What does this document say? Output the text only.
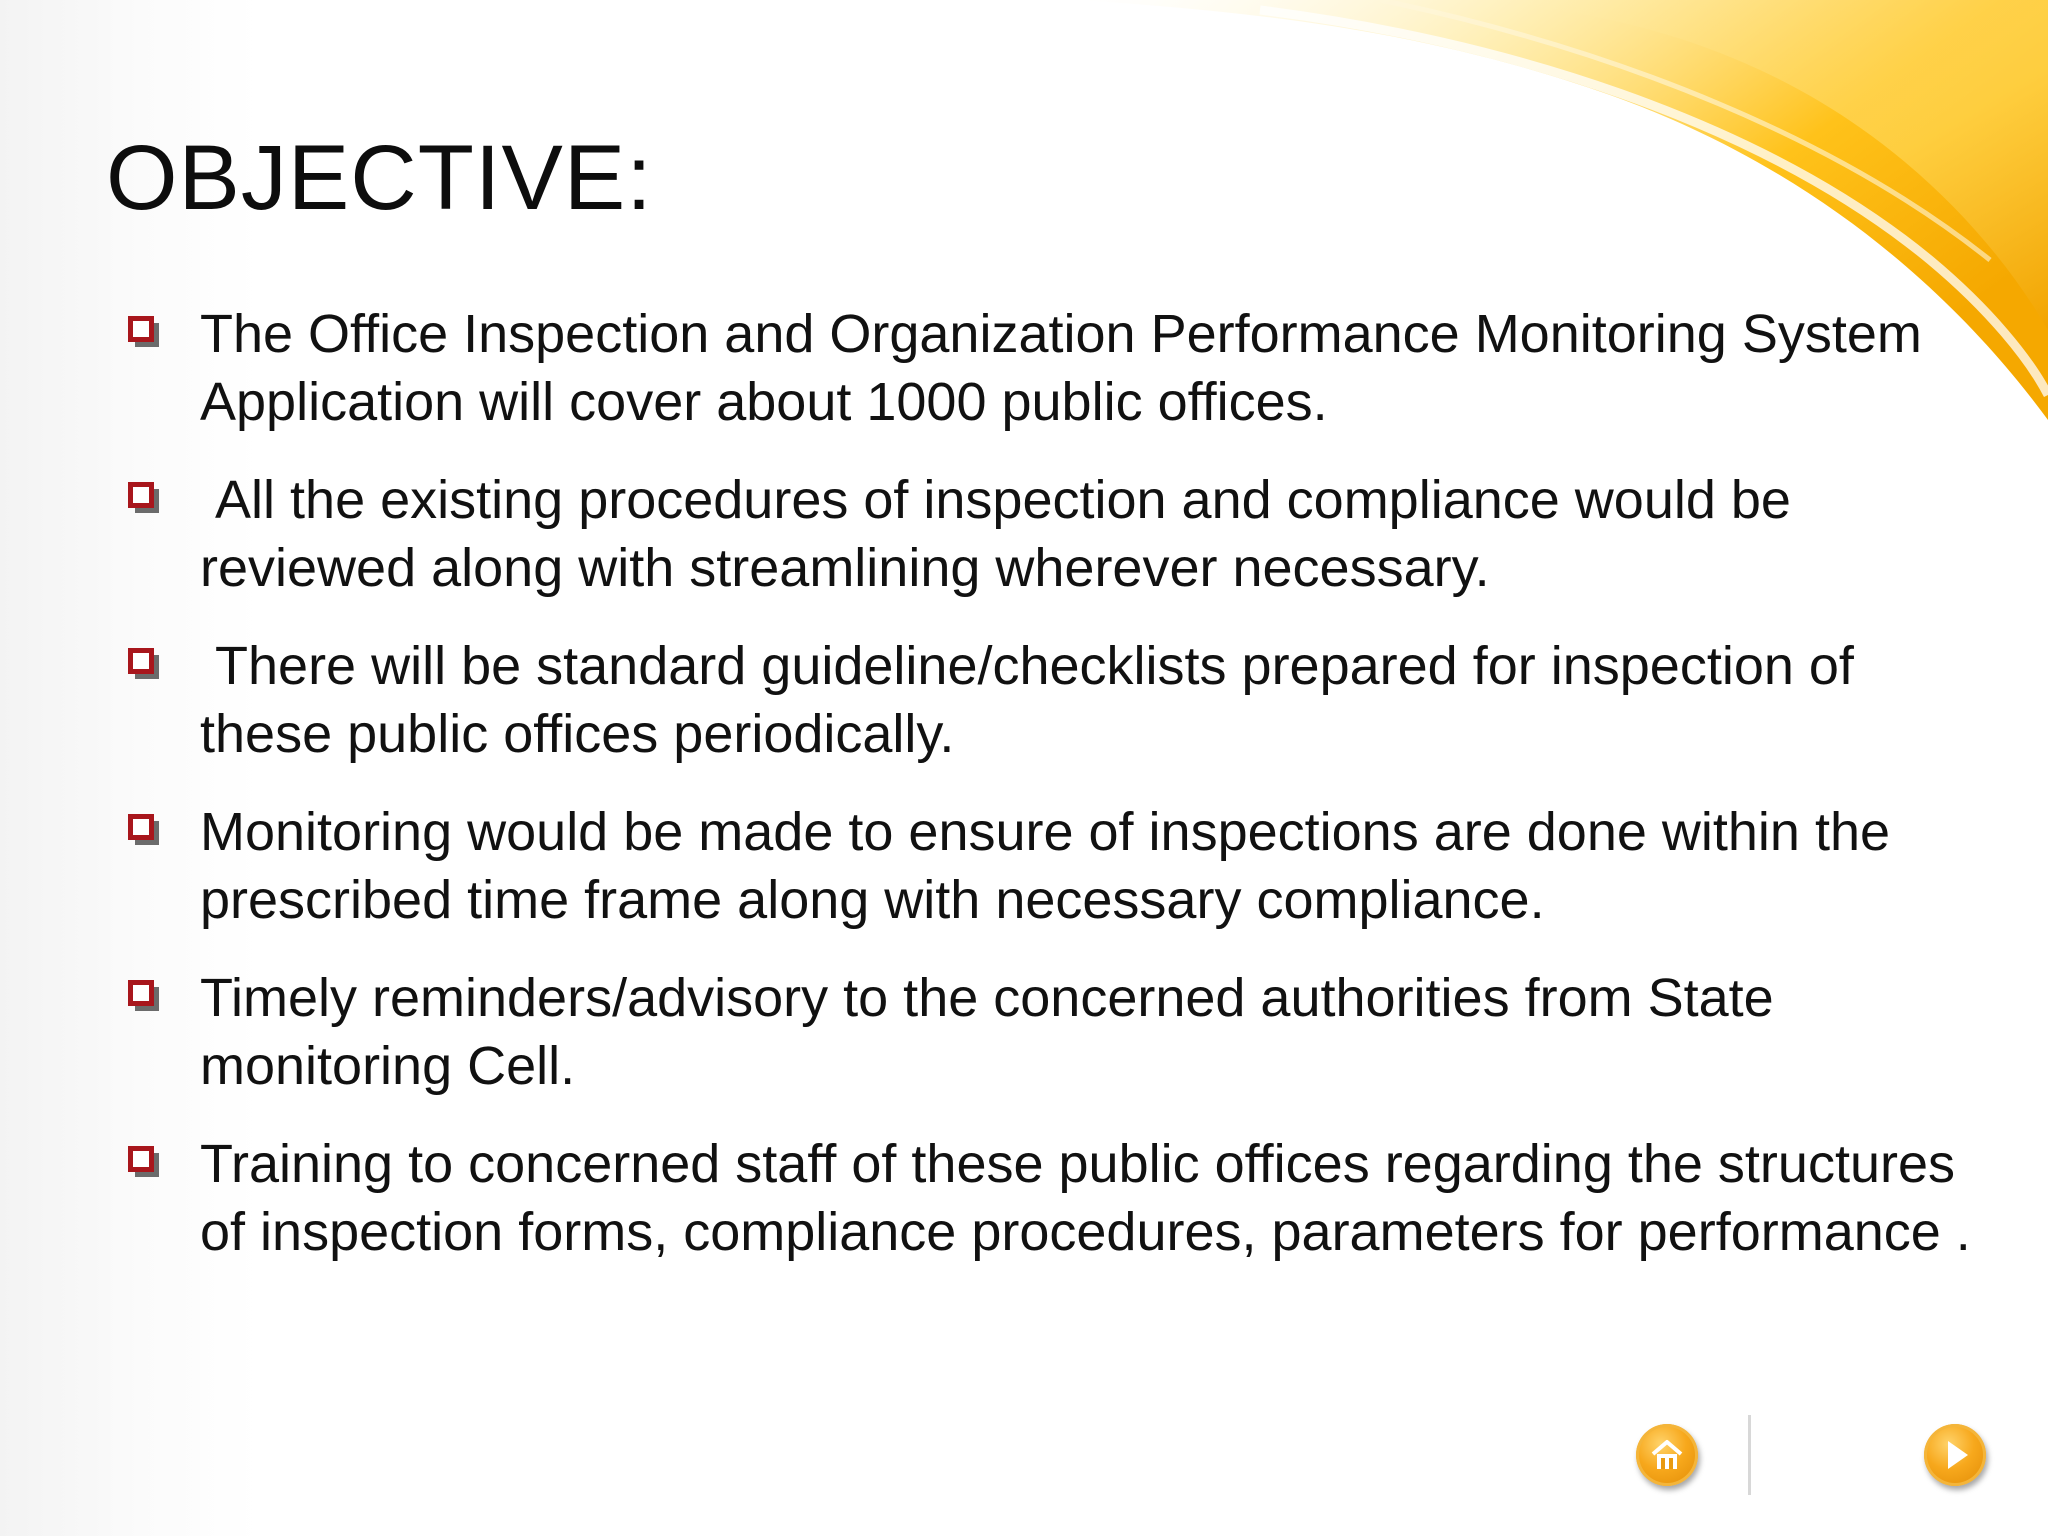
OBJECTIVE:
The Office Inspection and Organization Performance Monitoring System Application will cover about 1000 public offices.
All the existing procedures of inspection and compliance would be reviewed along with streamlining wherever necessary.
There will be standard guideline/checklists prepared for inspection of these public offices periodically.
Monitoring would be made to ensure of inspections are done within the prescribed time frame along with necessary compliance.
Timely reminders/advisory to the concerned authorities from State monitoring Cell.
Training to concerned staff of these public offices regarding the structures of inspection forms, compliance procedures, parameters for performance .
